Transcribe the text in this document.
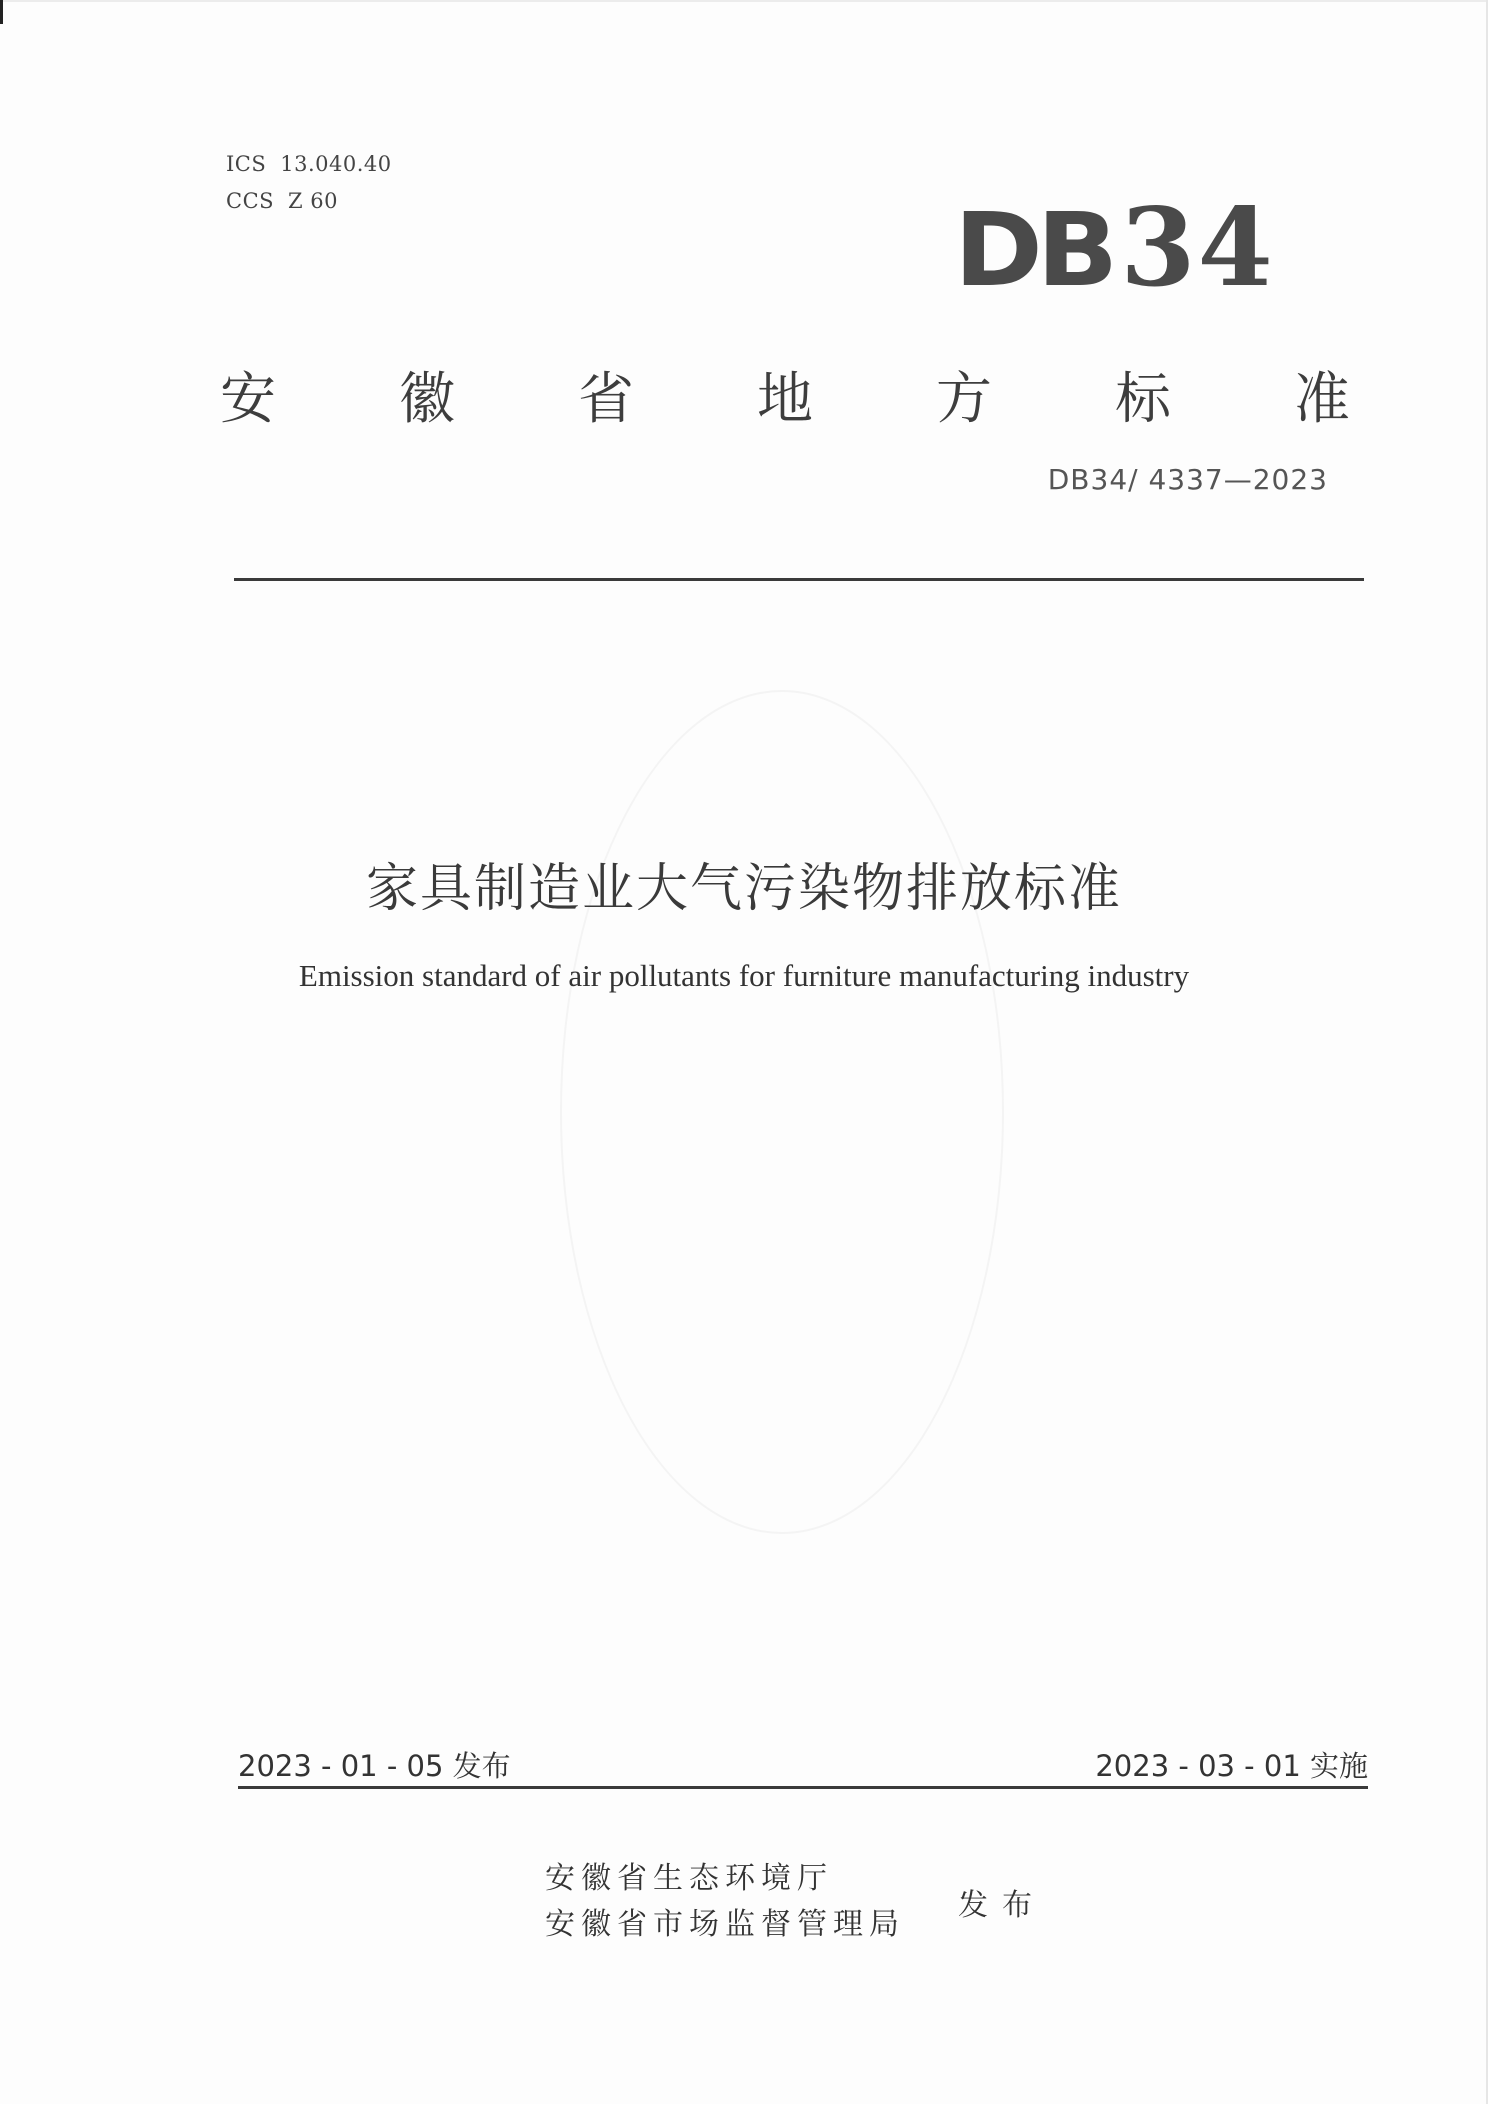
ICS 13.040.40
CCS Z 60	DB 34
安 徽 省 地 方 标 准
DB34/ 4337—2023
家具制造业大气污染物排放标准
Emission standard of air pollutants for furniture manufacturing industry
2023 - 01 - 05 发布	2023 - 03 - 01 实施
安徽省生态环境厅
安徽省市场监督管理局
发布
